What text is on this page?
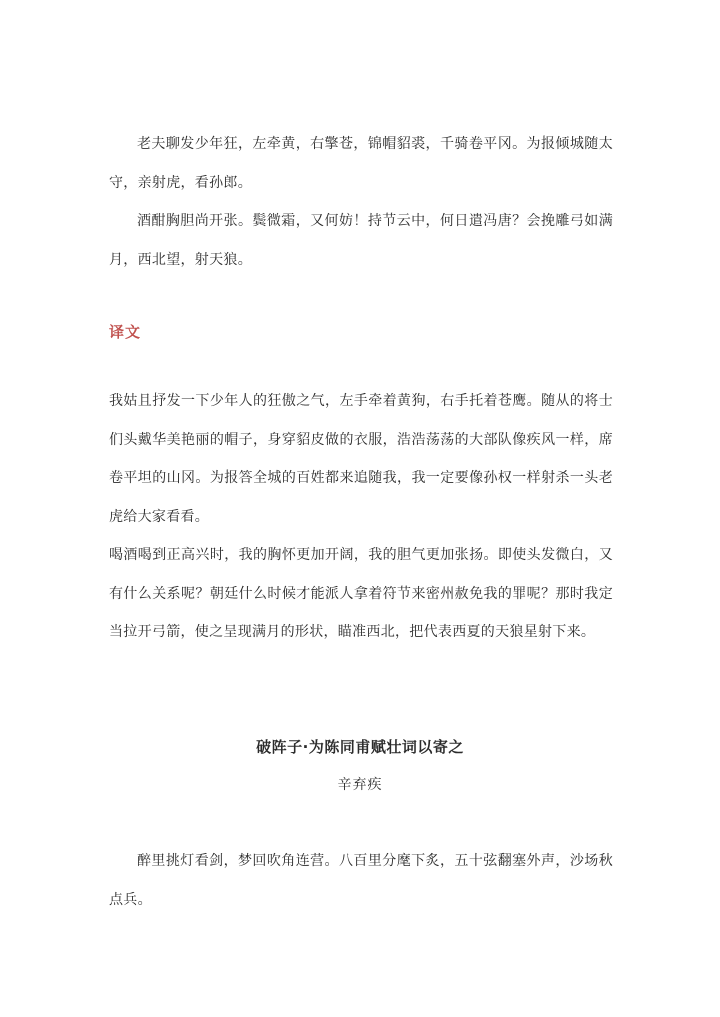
老夫聊发少年狂，左牵黄，右擎苍，锦帽貂裘，千骑卷平冈。为报倾城随太守，亲射虎，看孙郎。

酒酣胸胆尚开张。鬓微霜，又何妨！持节云中，何日遣冯唐？会挽雕弓如满月，西北望，射天狼。

译文

我姑且抒发一下少年人的狂傲之气，左手牵着黄狗，右手托着苍鹰。随从的将士们头戴华美艳丽的帽子，身穿貂皮做的衣服，浩浩荡荡的大部队像疾风一样，席卷平坦的山冈。为报答全城的百姓都来追随我，我一定要像孙权一样射杀一头老虎给大家看看。

喝酒喝到正高兴时，我的胸怀更加开阔，我的胆气更加张扬。即使头发微白，又有什么关系呢？朝廷什么时候才能派人拿着符节来密州赦免我的罪呢？那时我定当拉开弓箭，使之呈现满月的形状，瞄准西北，把代表西夏的天狼星射下来。

破阵子·为陈同甫赋壮词以寄之
辛弃疾

醉里挑灯看剑，梦回吹角连营。八百里分麾下炙，五十弦翻塞外声，沙场秋点兵。
